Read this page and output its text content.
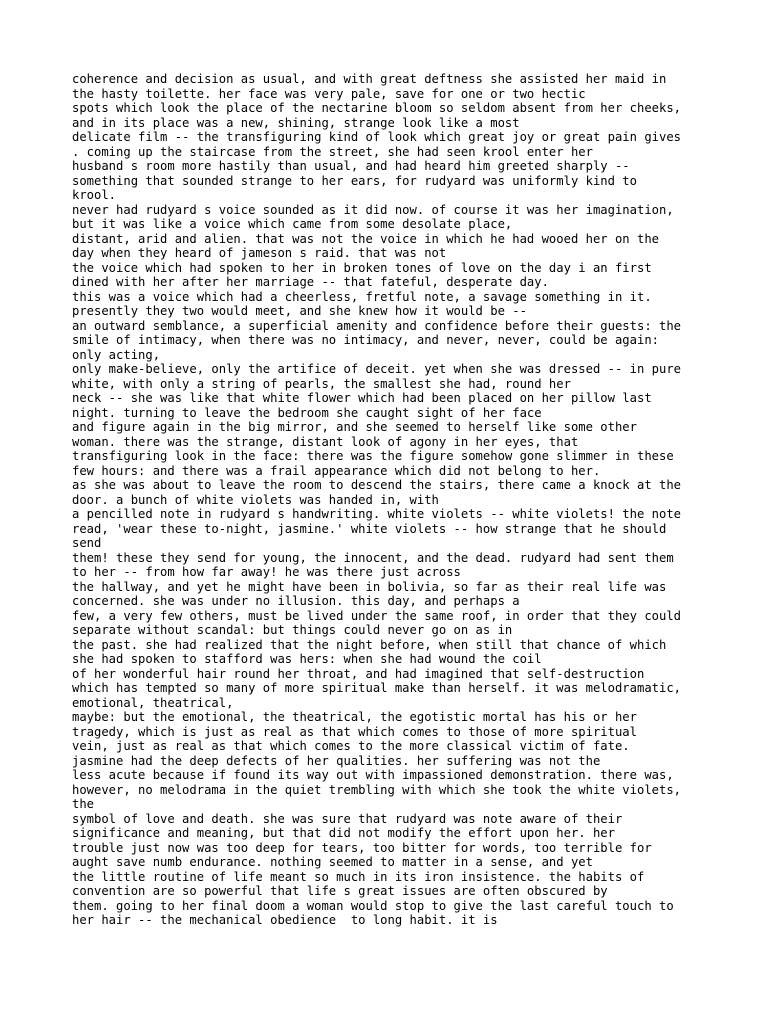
coherence and decision as usual, and with great deftness she assisted her maid in
the hasty toilette. her face was very pale, save for one or two hectic
spots which look the place of the nectarine bloom so seldom absent from her cheeks,
and in its place was a new, shining, strange look like a most
delicate film -- the transfiguring kind of look which great joy or great pain gives
. coming up the staircase from the street, she had seen krool enter her
husband s room more hastily than usual, and had heard him greeted sharply --
something that sounded strange to her ears, for rudyard was uniformly kind to
krool.
never had rudyard s voice sounded as it did now. of course it was her imagination,
but it was like a voice which came from some desolate place,
distant, arid and alien. that was not the voice in which he had wooed her on the
day when they heard of jameson s raid. that was not
the voice which had spoken to her in broken tones of love on the day i an first
dined with her after her marriage -- that fateful, desperate day.
this was a voice which had a cheerless, fretful note, a savage something in it.
presently they two would meet, and she knew how it would be --
an outward semblance, a superficial amenity and confidence before their guests: the
smile of intimacy, when there was no intimacy, and never, never, could be again:
only acting,
only make-believe, only the artifice of deceit. yet when she was dressed -- in pure
white, with only a string of pearls, the smallest she had, round her
neck -- she was like that white flower which had been placed on her pillow last
night. turning to leave the bedroom she caught sight of her face
and figure again in the big mirror, and she seemed to herself like some other
woman. there was the strange, distant look of agony in her eyes, that
transfiguring look in the face: there was the figure somehow gone slimmer in these
few hours: and there was a frail appearance which did not belong to her.
as she was about to leave the room to descend the stairs, there came a knock at the
door. a bunch of white violets was handed in, with
a pencilled note in rudyard s handwriting. white violets -- white violets! the note
read, 'wear these to-night, jasmine.' white violets -- how strange that he should
send
them! these they send for young, the innocent, and the dead. rudyard had sent them
to her -- from how far away! he was there just across
the hallway, and yet he might have been in bolivia, so far as their real life was
concerned. she was under no illusion. this day, and perhaps a
few, a very few others, must be lived under the same roof, in order that they could
separate without scandal: but things could never go on as in
the past. she had realized that the night before, when still that chance of which
she had spoken to stafford was hers: when she had wound the coil
of her wonderful hair round her throat, and had imagined that self-destruction
which has tempted so many of more spiritual make than herself. it was melodramatic,
emotional, theatrical,
maybe: but the emotional, the theatrical, the egotistic mortal has his or her
tragedy, which is just as real as that which comes to those of more spiritual
vein, just as real as that which comes to the more classical victim of fate.
jasmine had the deep defects of her qualities. her suffering was not the
less acute because if found its way out with impassioned demonstration. there was,
however, no melodrama in the quiet trembling with which she took the white violets,
the
symbol of love and death. she was sure that rudyard was note aware of their
significance and meaning, but that did not modify the effort upon her. her
trouble just now was too deep for tears, too bitter for words, too terrible for
aught save numb endurance. nothing seemed to matter in a sense, and yet
the little routine of life meant so much in its iron insistence. the habits of
convention are so powerful that life s great issues are often obscured by
them. going to her final doom a woman would stop to give the last careful touch to
her hair -- the mechanical obedience  to long habit. it is
